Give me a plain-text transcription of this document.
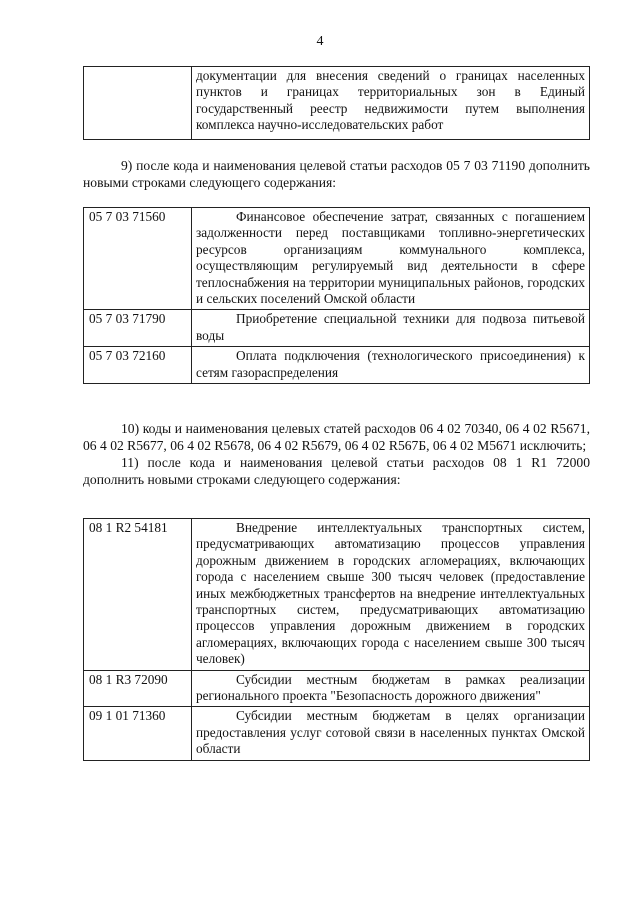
4
	документации для внесения сведений о границах населенных пунктов и границах территориальных зон в Единый государственный реестр недвижимости путем выполнения комплекса научно-исследовательских работ

9) после кода и наименования целевой статьи расходов 05 7 03 71190 дополнить новыми строками следующего содержания:

05 7 03 71560	Финансовое обеспечение затрат, связанных с погашением задолженности перед поставщиками топливно-энергетических ресурсов организациям коммунального комплекса, осуществляющим регулируемый вид деятельности в сфере теплоснабжения на территории муниципальных районов, городских и сельских поселений Омской области
05 7 03 71790	Приобретение специальной техники для подвоза питьевой воды
05 7 03 72160	Оплата подключения (технологического присоединения) к сетям газораспределения

10) коды и наименования целевых статей расходов 06 4 02 70340, 06 4 02 R5671, 06 4 02 R5677, 06 4 02 R5678, 06 4 02 R5679, 06 4 02 R567Б, 06 4 02 M5671 исключить;

11) после кода и наименования целевой статьи расходов 08 1 R1 72000 дополнить новыми строками следующего содержания:

08 1 R2 54181	Внедрение интеллектуальных транспортных систем, предусматривающих автоматизацию процессов управления дорожным движением в городских агломерациях, включающих города с населением свыше 300 тысяч человек (предоставление иных межбюджетных трансфертов на внедрение интеллектуальных транспортных систем, предусматривающих автоматизацию процессов управления дорожным движением в городских агломерациях, включающих города с населением свыше 300 тысяч человек)
08 1 R3 72090	Субсидии местным бюджетам в рамках реализации регионального проекта "Безопасность дорожного движения"
09 1 01 71360	Субсидии местным бюджетам в целях организации предоставления услуг сотовой связи в населенных пунктах Омской области
